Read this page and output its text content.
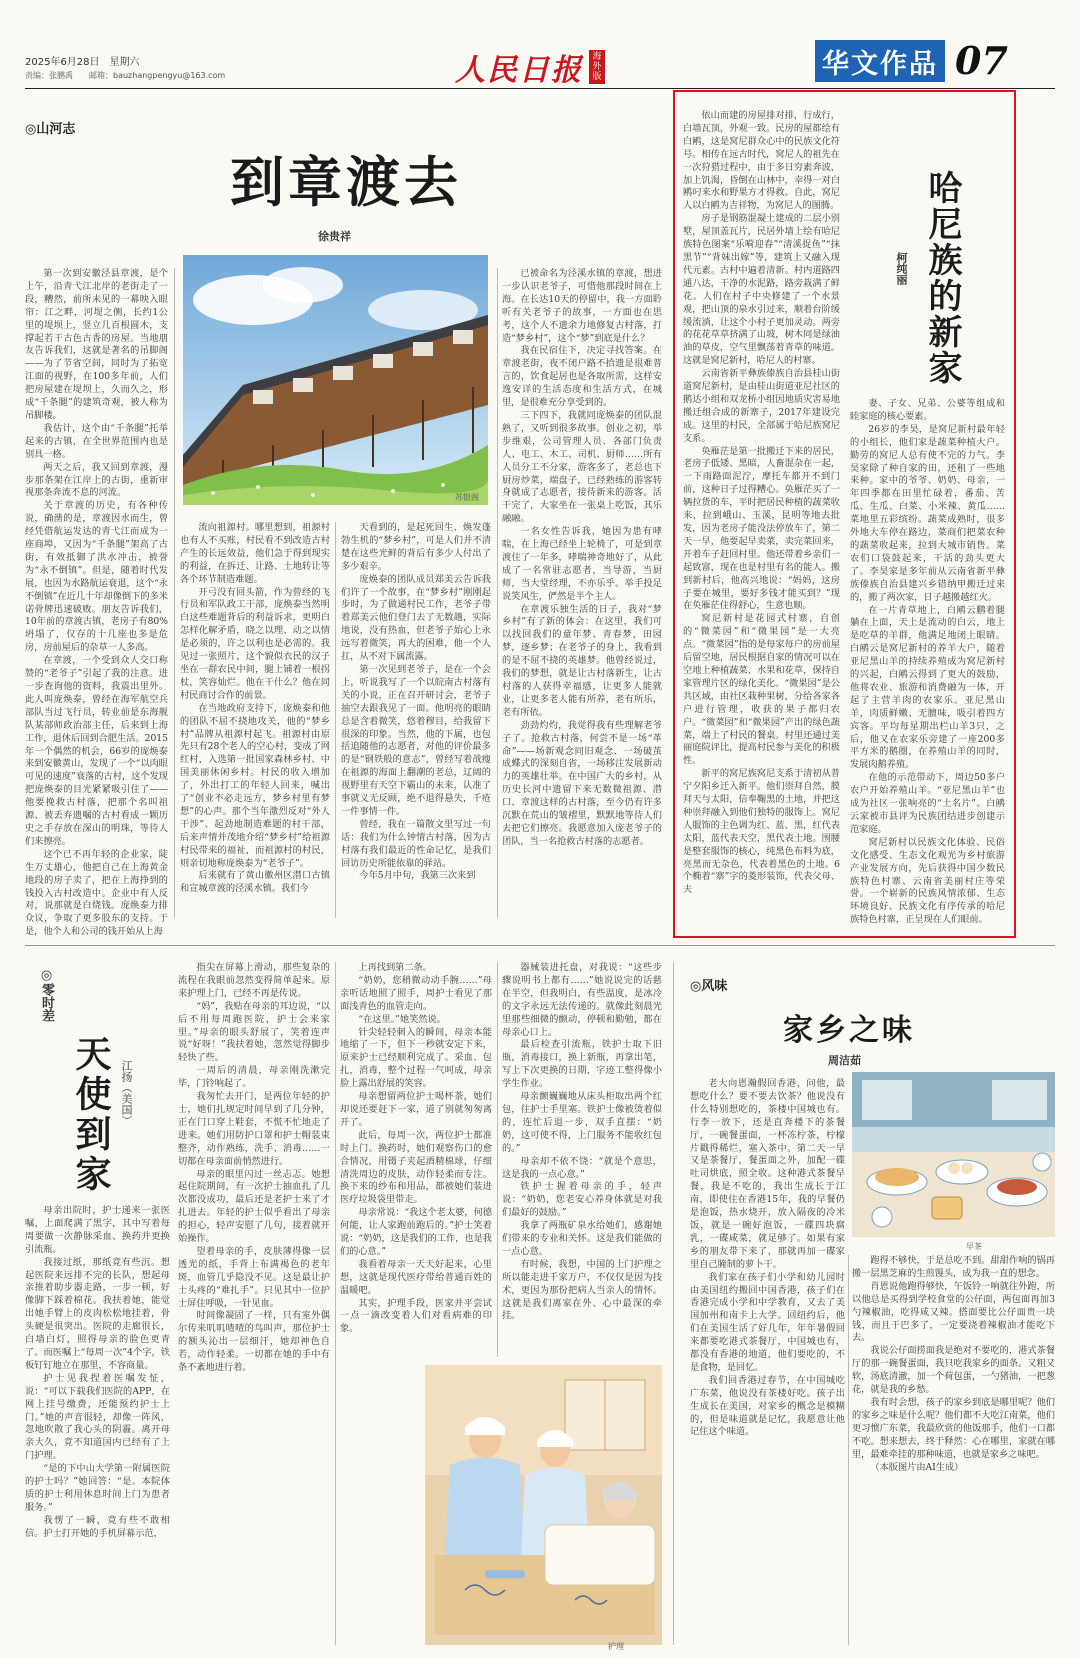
2025年6月28日　星期六
责编：张鹏禹　　邮箱：bauzhangpengyu@163.com	人民日报	海外版	华文作品 07
◎山河志
到章渡去
徐贵祥
苏银阁

第一次到安徽泾县章渡，是个上午，沿青弋江北岸的老街走了一段，糟然，前所未见的一幕映入眼帘：江之畔，河堤之侧，长约1公里的堤坝上，竖立几百根圆木，支撑起若干古色古香的房屋。当地朋友告诉我们，这就是著名的吊脚阁——为了节省空间，同时为了拓宽江面的视野，在100多年前，人们把房屋建在堤坝上，久而久之，形成“千条腿”的建筑奇观，被人称为吊脚楼。

我估计，这个由“千条腿”托举起来的古镇，在全世界范围内也是别具一格。

两天之后，我又回到章渡，漫步那条架在江岸上的古街，重新审视那条奔流不息的河流。

关于章渡的历史，有各种传说，确凿的是，章渡因水而生，曾经凭借航运发达的青弋江而成为一座商埠，又因为“千条腿”架高了古街，有效抵御了洪水冲击，被誉为“永不倒镇”。但是，随着时代发展，也因为水路航运衰退，这个“永不倒镇”在近几十年却像倒下的多米诺骨牌迅速破败。朋友告诉我们，10年前的章渡古镇，老房子有80%坍塌了，仅存的十几座也多是危房，房前屋后的杂草一人多高。

在章渡，一个受到众人交口称赞的“老爷子”引起了我的注意。进一步查询他的资料，我震出里外。此人叫庞焕泰，曾经在海军航空兵部队当过飞行员，转业前是东海舰队某部师政治部主任，后来到上海工作，退休后回到合肥生活。2015年一个偶然的机会，66岁的庞焕泰来到安徽黄山，发现了一个“以肉眼可见的速度”衰落的古村，这个发现把庞焕泰的目光紧紧吸引住了——他要挽救古村落，把那个名叫祖源、被丢弃遗嘱的古村看成一颗历史之手存放在深山的明珠，等待人们来擦亮。

这个已不再年轻的企业家，陡生万丈雄心，他把自己在上海黄金地段的房子卖了，把在上海挣到的钱投入古村改造中。企业中有人反对，说那就是白烧钱。庞焕泰力排众议，争取了更多股东的支持。于是，他个人和公司的钱开始从上海

流向祖源村。哪里想到，祖源村也有人不买账，村民看不到改造古村产生的长远效益，他们急于得到现实的利益，在拆迁、让路、土地转让等各个环节制造难题。

开弓没有回头箭，作为曾经的飞行员和军队政工干部，庞焕泰当然明白这些难题背后的利益诉求，更明白怎样化解矛盾，晓之以理、动之以情是必须的，许之以利也是必需的。我见过一张照片，这个貌似衣民的汉子坐在一群农民中间，腿上铺着一根拐杖，笑容灿烂。他在干什么？他在同村民商讨合作的前景。

在当地政府支持下，庞焕泰和他的团队不屈不挠地攻关，他的“梦乡村”品牌从祖源村起飞。祖源村由原先只有28个老人的空心村，变成了网红村，入选第一批国家森林乡村、中国美丽休闲乡村。村民的收入增加了，外出打工的年轻人回来，喊出了“创业不必走远方，梦乡村里有梦想”的心声。那个当年激烈反对“外人干涉”、起劲地制造难题的村干部，后来声情并茂地介绍“梦乡村”给祖源村民带来的福祉，而祖源村的村民，则亲切地称庞焕泰为“老爷子”。

后来就有了黄山徽州区潜口古镇和宣城章渡的泾溪水镇。我们今

天看到的，是起死回生、焕发蓬勃生机的“梦乡村”，可是人们并不清楚在这些光鲜的背后有多少人付出了多少艰辛。

庞焕泰的团队成员郑美云告诉我们许了一个故事，在“梦乡村”刚刚起步时，为了做通村民工作，老爷子带着郑美云他们登门去了无数趟，实际地说，没有热血，但老爷子始心上永远写着微笑，再大的困难，他一个人扛，从不对下属流露。

第一次见到老爷子，是在一个会上，听说我写了一个以皖南古村落有关的小说，正在召开研讨会，老爷子抽空去跟我见了一面。他明亮的眼睛总是含着微笑，悠着穆目，给我留下很深的印象。当然，他的下属，也包括追随他的志愿者，对他的评价最多的是“钢铁般的意志”，曾经写着战瘦在祖源的海面上翻潮的老总，辽阔的视野里有天空下霸山的未来，认准了事就义无反顾，绝不退得悬失，千疮一件事情一件。

曾经，我在一篇散文里写过一句话：我们为什么钟情古村落，因为古村落有我们最近的性命记忆，是我们回访历史所能依靠的驿站。

今年5月中旬，我第三次来到

已被命名为泾溪水镇的章渡，想进一步认识老爷子，可惜他那段时间在上海。在长达10天的停留中，我一方面聆听有关老爷子的故事，一方面也在思考，这个人不遗余力地修复古村落，打造“梦乡村”，这个“梦”到底是什么？

我在民宿住下，决定寻找答案。在章渡老街，夜不闭户路不拾遗是很难普言的，饮食起居也是各取所需，这样安逸安详的生活态度和生活方式，在城里，是很难充分享受到的。

三下四下，我就同庞焕泰的团队混熟了，又听到很多故事。创业之初，举步维艰，公司管理人员、各部门负责人、电工、木工、司机、厨师……所有人员分工不分家，游客多了，老总也下厨房炒菜，端盘子，已经熟练的游客转身就成了志愿者，接待新来的游客。活干完了，大家坐在一张桌上吃饭，其乐融融。

一名女性告诉我，她因为患有哮喘，在上海已经坐上轮椅了，可是到章渡住了一年多，哮喘神奇地好了，从此成了一名常驻志愿者，当导游，当厨师，当大堂经理，不亦乐乎。举手投足说笑风生，俨然是半个主人。

在章渡乐独生活的日子，我对“梦乡村”有了新的体会：在这里，我们可以找回我们的童年梦、青春梦，田园梦，逐乡梦；在老爷子的身上，我看到的是不屈不挠的英雄梦。他曾经说过，我们的梦想，就是让古村落新生，让古村落的人获得幸福感，让更多人能就业，让更多老人能有所养，老有所乐，老有所依。

劲劲灼灼，我觉得我有些理解老爷子了。抢救古村落，何尝不是一场“革命”——场新观念同旧观念、一场破茧成蝶式的深刻自省，一场移注发展新动力的英雄壮举。在中国广大的乡村，从历史长河中遗留下来无数微祖源、潜口、章渡这样的古村落，至今仍有许多沉默在荒山的皱褶里，默默地等待人们去把它们擦亮。我愿意加入庞老爷子的团队，当一名抢救古村落的志愿者。

依山而建的房屋排对排，行成行，白墙瓦顶，外观一致。民房的屋都绘有白鹇，这是窝尼群众心中的民族文化符号。相传在远古时代，窝尼人的祖先在一次狩猎过程中，由于多日穷素奔波，加上饥渴，昏倒在山林中，幸得一对白鹇叼来水和野果方才得救。自此，窝尼人以白鹇为吉祥物，为窝尼人的图腾。

房子是钢筋混凝土建成的二层小别墅，屋顶盖瓦片，民居外墙上绘有哈尼族特色图案“乐嗬迎春”“清溪捉鱼”“抹黑节”“背妹出嫁”等，建筑上又融入现代元素。古村中遍着清新。村内道路四通八达，干净的水泥路，路旁栽满了鲜花。人们在村子中央修建了一个水景观，把山顶的泉水引过来，顺着台阶缓缓流淌，让这个小村子更加灵动。两旁的花花草草挤满了山坡，树木同是绿油油的草皮，空气里飘荡着青草的味道。这就是窝尼新村，哈尼人的村寨。

云南省新平彝族傣族自治县桂山街道窝尼新村，是由桂山街道亚尼社区的鹅达小组和双龙桥小组因地质灾害易地搬迁组合成的新寨子，2017年建设完成。这里的村民，全部属于哈尼族窝尼支系。

奂雁茫是第一批搬迁下来的居民，老房子低矮、黑暗，人畜混杂在一起，一下雨路面泥泞，摩托车都开不到门前，这种日子过得糟心。奂雁茫买了一辆拉货的车，平时把居民种植的蔬菜收来，拉到峨山、玉溪，昆明等地去批发，因为老房子能没法停放车了，第二天一早，他要起早卖菜，卖完菜回来，开着车子赶回村里。他还带着乡亲们一起致富，现在也是村里有名的能人。搬到新村后，他高兴地说：“妈妈，这房子要在城里，要好多钱才能买到？”现在奂雁茫住得舒心，生意也顺。

窝尼新村是花园式村寨，自创的“微菜园”和“微果园”是一大亮点。“微菜园”指的是每家每户的房前屋后留空地，居民根据自家的情况可以在空地上种植蔬菜、水果和花草，保持自家管理片区的绿化美化。“微果园”是公共区域，由社区栽种果树，分给各家各户进行管理，收获的果子都归农户。“微菜园”和“微果园”产出的绿色蔬菜，端上了村民的餐桌。村里还通过美丽庭院评比，提高村民参与美化的积极性。

新平的窝尼族窝尼支系于清初从普宁夕阳乡迁入新平。他们崇拜自然，膜拜天与太阳，信奉鞠黑的土地，并把这种崇拜融入到他们独特的服饰上。窝尼人服饰的主色调为红、蓝、黑，红代表太阳，蓝代表天空，黑代表土地。围腰是整套服饰的核心，纯黑色布料为底，亮黑而无杂色，代表着黑色的土地。6个椭着“寨”字的菱形装饰，代表父母、夫

哈尼族的新家
柯纯丽

妻、子女、兄弟、公婆等组成和睦家庭的核心要素。

26岁的李昊，是窝尼新村最年轻的小组长，他们家是蔬菜种植大户。勤劳的窝尼人总有使不完的力气。李昊家除了种自家的田，还租了一些地来种。家中的爷爷、奶奶、母亲，一年四季都在田里忙碌着，番茄、苦瓜、生瓜、白菜、小米辣、黄瓜……菜地里五彩缤纷。蔬菜成熟时，很多外地大车停在路边，菜商们把菜农种的蔬菜收起来，拉到大城市销售。菜农们口袋鼓起来，干活的劲头更大了。李昊家是多年前从云南省新平彝族傣族自治县建兴乡错纳甲搬迁过来的，搬了两次家，日子越搬越红火。

在一片青草地上，白鹇云鹏着腿躺在上面，天上是流动的白云，地上是吃草的羊群，他满足地闭上眼睛。白鹇云是窝尼新村的养羊大户，随着亚尼黑山羊的持续养殖成为窝尼新村的兴起，白鹇云得到了更大的鼓励，他将农业、旅游和消费融为一体，开起了主营羊肉的农家乐。亚尼黑山羊，肉质鲜嫩、无膻味，吸引着四方宾客。平均每星期出栏山羊3只，之后，他又在农家乐旁建了一座200多平方米的鹅圈，在养殖山羊的同时，发展肉鹅养殖。

在他的示范带动下，周边50多户农户开始养殖山羊。“亚尼黑山羊”也成为社区一张响亮的“土名片”。白鹇云家被市县评为民族团结进步创建示范家庭。

窝尼新村以民族文化体验、民俗文化感受、生态文化观光为乡村旅游产业发展方向，先后获得中国少数民族特色村寨、云南省美丽村庄等荣誉。一个崭新的民族风情浓郁、生态环境良好、民族文化有序传承的哈尼族特色村寨，正呈现在人们眼前。

◎零时差
天使到家 江扬（美国）

母亲出院时，护士递来一张医嘱，上面爬满了黑字，其中写着每周要做一次静脉采血、换药并更换引流瓶。

我接过纸，那纸竟有些沉。想起医院来远排不完的长队，想起母亲推着助步器走路，一步一顿，好像脚下踩着棉花。我扶着她，能觉出她手臂上的皮肉松松地挂着，骨头硬是很突出。医院的走廊很长，白墙白灯，照得母亲的脸色更青了。而医嘱上“每周一次”4个字，铁板钉钉地立在那里，不容商量。

护士见我捏着医嘱发怔，说：“可以下载我们医院的APP，在网上挂号缴费，还能预约护士上门。”她的声音很轻，却像一阵风，忽地吹散了我心头的阴霾。离开母亲大久，竟不知道国内已经有了上门护理。

“是的下中山大学第一附属医院的护士吗？”她回答：“是。本院体质的护士利用休息时间上门为患者服务。”

我愣了一瞬，竟有些不敢相信。护士打开她的手机屏幕示范，

指尖在屏幕上滑动，那些复杂的流程在我眼前忽然变得简单起来。原来护理上门，已经不再是传说。

“妈”，我贴在母亲的耳边说，“以后不用每周跑医院，护士会来家里。”母亲的眼头舒展了，笑着连声说“好呀！”我扶着她，忽然觉得脚步轻快了些。

一周后的清晨，母亲刚洗漱完毕，门铃响起了。

我匆忙去开门，是两位年轻的护士，她们扎规定时间早到了几分钟，正在门口穿上鞋套，不慌不忙地走了进来。她们用防护口罩和护士帽装束整齐，动作熟练，洗手、消毒……一切都在母亲面前悄然进行。

母亲的眼里闪过一丝忐忑。她想起住院期间，有一次护士抽血扎了几次都没成功，最后还是老护士来了才扎进去。年轻的护士似乎看出了母亲的担心，轻声安慰了几句，接着就开始操作。

望着母亲的手，皮肤薄得像一层透光的纸，手背上布满褐色的老年斑，血管几乎隐没不见。这是最让护士头疼的“难扎手”。只见其中一位护士屏住呼吸，一针见血。

时间像凝固了一样，只有室外偶尔传来叽叽喳喳的鸟叫声，那位护士的额头沁出一层细汗，她却神色自若，动作轻柔。一切都在她的手中有条不紊地进行着。

上再找到第二条。

“奶奶，您稍微动动手腕……”母亲听话地照了照手，周护士看见了那面浅青色的血管走向。

“在这里。”她笑然说。

针尖轻轻刺入的瞬间，母亲本能地缩了一下，但下一秒就安定下来，原来护士已经顺利完成了。采血、包扎，消毒，整个过程一气呵成，母亲脸上露出舒展的笑容。

母亲想留两位护士喝杯茶，她们却说还要赶下一家，道了别就匆匆离开了。

此后，每周一次，两位护士都准时上门。换药时，她们观察伤口的愈合情况，用镊子夹起酒精棉球，仔细清洗周边的皮肤，动作轻柔而专注。换下来的纱布和用品，都被她们装进医疗垃圾袋里带走。

母亲常说：“我这个老太婆，何德何能，让人家跑前跑后的。”护士笑着说：“奶奶，这是我们的工作，也是我们的心意。”

我看着母亲一天天好起来，心里想，这就是现代医疗带给普通百姓的温暖吧。

其实，护理手段，医家并平尝试一点一滴改变着人们对看病难的印象。

器械装进托盘，对我说：“这些步骤说明书上都有……”她说说完的话慈在半空，但我明白，有些温度，是冰冷的文字永远无法传递的。就像此刻晨光里那些细微的颤动，停顿和勤勉，都在母亲心口上。

最后检查引流瓶，铁护士取下旧瓶，消毒接口，换上新瓶，再拿出笔，写上下次更换的日期，字迹工整得像小学生作业。

母亲颤巍巍地从床头柜取出两个红包，往护士手里塞。铁护士像被烫着似的，连忙后退一步，双手直摆：“奶奶，这可使不得，上门服务不能收红包的。”

母亲却不依不饶：“就是个意思，这是我的一点心意。”

铁护士握着母亲的手，轻声说：“奶奶，您老安心养身体就是对我们最好的鼓励。”

我拿了两瓶矿泉水给她们，感谢她们带来的专业和关怀。这是我们能做的一点心意。

有时候，我想，中国的上门护理之所以能走进千家万户，不仅仅是因为技术，更因为那份把病人当亲人的情怀。这就是我们离家在外、心中最深的牵挂。

护理
◎风味
家乡之味
周洁茹
早茶

老大向恩瀚假回香港，问他，最想吃什么？要不要去饮茶？他说没有什么特别想吃的，茶楼中国城也有。行李一放下，还是直奔楼下的茶餐厅，一碗餐蛋面，一杯冻柠茶，柠檬片戳得稀烂，塞入茶中。第二天一早又是茶餐厅，餐蛋面之外，加配一碟吐司烘底，照全收。这种港式茶餐早餐，我是不吃的，我出生成长于江南，即使住在香港15年，我的早餐仍是泡饭，热水烧开，放入隔夜的冷米饭，就是一碗好泡饭，一碟四块腐乳，一碟咸菜，就足够了。如果有家乡的朋友带下来了，那就再加一碟家里自己腌制的萝卜干。

我们家在孩子们小学和幼儿园时由美国纽约搬回中国香港，孩子们在香港完成小学和中学教育，又去了美国加州和南卡上大学。回纽约后，他们在美国生活了好几年，年年暑假回来都要吃港式茶餐厅，中国城也有，都没有香港的地道，他们要吃的，不是食物，是回忆。

我们回香港过春节，在中国城吃广东菜，他说没有茶楼好吃。孩子出生成长在美国，对家乡的概念是模糊的，但是味道就是记忆，我愿意让他记住这个味道。

跑得不够快，于是总吃不到。甜甜作响的锅再搬一层黑芝麻的生煎馒头，成为我一直的想念。

肖恩说他跑得够快，午饭铃一响就往外跑，所以他总是买得到学校食堂的公仔面，两包面再加3勺辣椒油，吃得咸又辣。搭面要比公仔面贵一块钱，而且干巴多了，一定要浇着辣椒油才能吃下去。

我说公仔面捞面我是绝对不要吃的，港式茶餐厅的那一碗餐蛋面，我只吃我家乡的面条。又粗又软，汤底清澈，加一个荷包蛋，一勺猪油，一把葱花，就是我的乡愁。

我有时会想，孩子的家乡到底是哪里呢？他们的家乡之味是什么呢？他们都不大吃江南菜，他们更习惯广东菜，我最欣赏的他饭那手，他们一口都不吃。想来想去，终于释然：心在哪里，家就在哪里，最难牵挂的那种味道，也就是家乡之味吧。

（本版图片由AI生成）
